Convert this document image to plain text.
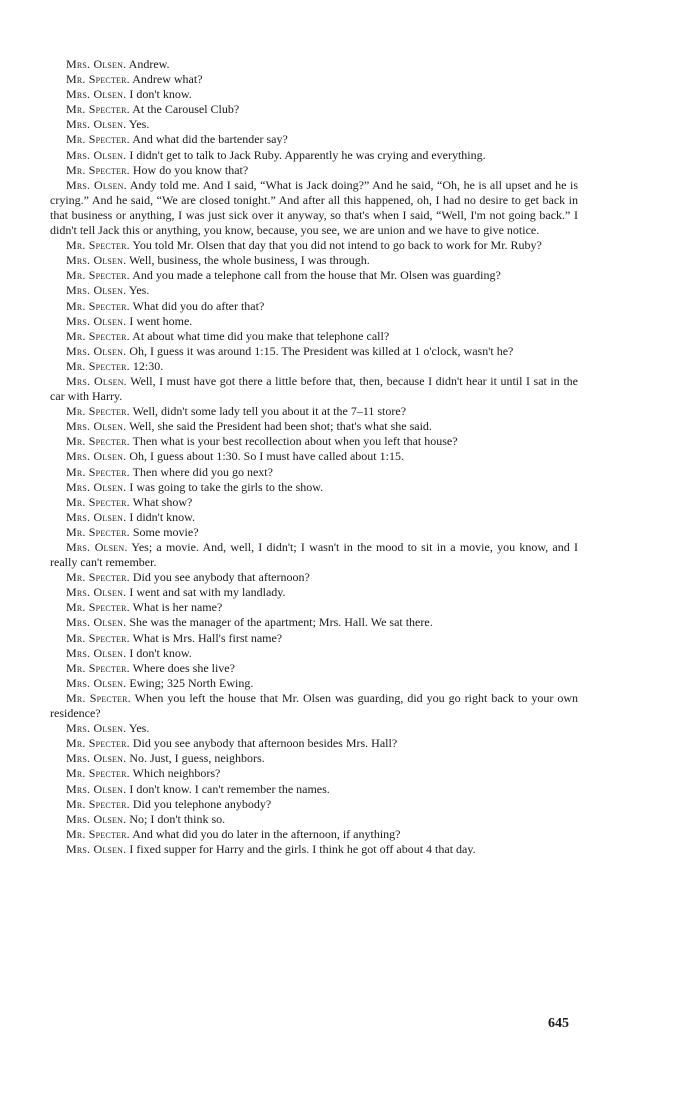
Mrs. Olsen. Andrew.

Mr. Specter. Andrew what?

Mrs. Olsen. I don't know.

Mr. Specter. At the Carousel Club?

Mrs. Olsen. Yes.

Mr. Specter. And what did the bartender say?

Mrs. Olsen. I didn't get to talk to Jack Ruby. Apparently he was crying and everything.

Mr. Specter. How do you know that?

Mrs. Olsen. Andy told me. And I said, “What is Jack doing?” And he said, “Oh, he is all upset and he is crying.” And he said, “We are closed tonight.” And after all this happened, oh, I had no desire to get back in that business or anything, I was just sick over it anyway, so that's when I said, “Well, I'm not going back.” I didn't tell Jack this or anything, you know, because, you see, we are union and we have to give notice.

Mr. Specter. You told Mr. Olsen that day that you did not intend to go back to work for Mr. Ruby?

Mrs. Olsen. Well, business, the whole business, I was through.

Mr. Specter. And you made a telephone call from the house that Mr. Olsen was guarding?

Mrs. Olsen. Yes.

Mr. Specter. What did you do after that?

Mrs. Olsen. I went home.

Mr. Specter. At about what time did you make that telephone call?

Mrs. Olsen. Oh, I guess it was around 1:15. The President was killed at 1 o'clock, wasn't he?

Mr. Specter. 12:30.

Mrs. Olsen. Well, I must have got there a little before that, then, because I didn't hear it until I sat in the car with Harry.

Mr. Specter. Well, didn't some lady tell you about it at the 7–11 store?

Mrs. Olsen. Well, she said the President had been shot; that's what she said.

Mr. Specter. Then what is your best recollection about when you left that house?

Mrs. Olsen. Oh, I guess about 1:30. So I must have called about 1:15.

Mr. Specter. Then where did you go next?

Mrs. Olsen. I was going to take the girls to the show.

Mr. Specter. What show?

Mrs. Olsen. I didn't know.

Mr. Specter. Some movie?

Mrs. Olsen. Yes; a movie. And, well, I didn't; I wasn't in the mood to sit in a movie, you know, and I really can't remember.

Mr. Specter. Did you see anybody that afternoon?

Mrs. Olsen. I went and sat with my landlady.

Mr. Specter. What is her name?

Mrs. Olsen. She was the manager of the apartment; Mrs. Hall. We sat there.

Mr. Specter. What is Mrs. Hall's first name?

Mrs. Olsen. I don't know.

Mr. Specter. Where does she live?

Mrs. Olsen. Ewing; 325 North Ewing.

Mr. Specter. When you left the house that Mr. Olsen was guarding, did you go right back to your own residence?

Mrs. Olsen. Yes.

Mr. Specter. Did you see anybody that afternoon besides Mrs. Hall?

Mrs. Olsen. No. Just, I guess, neighbors.

Mr. Specter. Which neighbors?

Mrs. Olsen. I don't know. I can't remember the names.

Mr. Specter. Did you telephone anybody?

Mrs. Olsen. No; I don't think so.

Mr. Specter. And what did you do later in the afternoon, if anything?

Mrs. Olsen. I fixed supper for Harry and the girls. I think he got off about 4 that day.

645
